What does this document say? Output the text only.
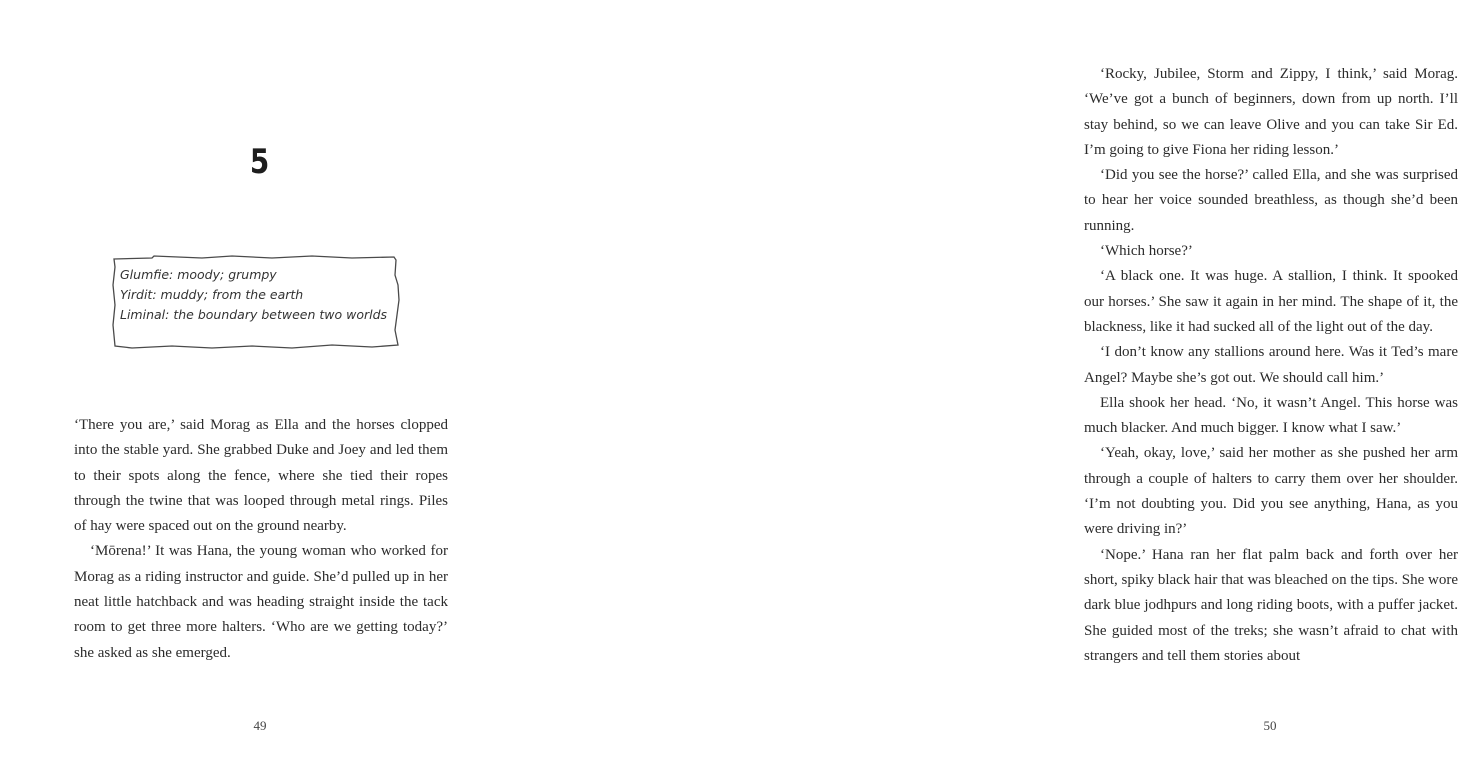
5
Glumfie: moody; grumpy
Yirdit: muddy; from the earth
Liminal: the boundary between two worlds

‘There you are,’ said Morag as Ella and the horses clopped into the stable yard. She grabbed Duke and Joey and led them to their spots along the fence, where she tied their ropes through the twine that was looped through metal rings. Piles of hay were spaced out on the ground nearby.

‘Mōrena!’ It was Hana, the young woman who worked for Morag as a riding instructor and guide. She’d pulled up in her neat little hatchback and was heading straight inside the tack room to get three more halters. ‘Who are we getting today?’ she asked as she emerged.

49

‘Rocky, Jubilee, Storm and Zippy, I think,’ said Morag. ‘We’ve got a bunch of beginners, down from up north. I’ll stay behind, so we can leave Olive and you can take Sir Ed. I’m going to give Fiona her riding lesson.’

‘Did you see the horse?’ called Ella, and she was surprised to hear her voice sounded breathless, as though she’d been running.

‘Which horse?’

‘A black one. It was huge. A stallion, I think. It spooked our horses.’ She saw it again in her mind. The shape of it, the blackness, like it had sucked all of the light out of the day.

‘I don’t know any stallions around here. Was it Ted’s mare Angel? Maybe she’s got out. We should call him.’

Ella shook her head. ‘No, it wasn’t Angel. This horse was much blacker. And much bigger. I know what I saw.’

‘Yeah, okay, love,’ said her mother as she pushed her arm through a couple of halters to carry them over her shoulder. ‘I’m not doubting you. Did you see anything, Hana, as you were driving in?’

‘Nope.’ Hana ran her flat palm back and forth over her short, spiky black hair that was bleached on the tips. She wore dark blue jodhpurs and long riding boots, with a puffer jacket. She guided most of the treks; she wasn’t afraid to chat with strangers and tell them stories about

50
